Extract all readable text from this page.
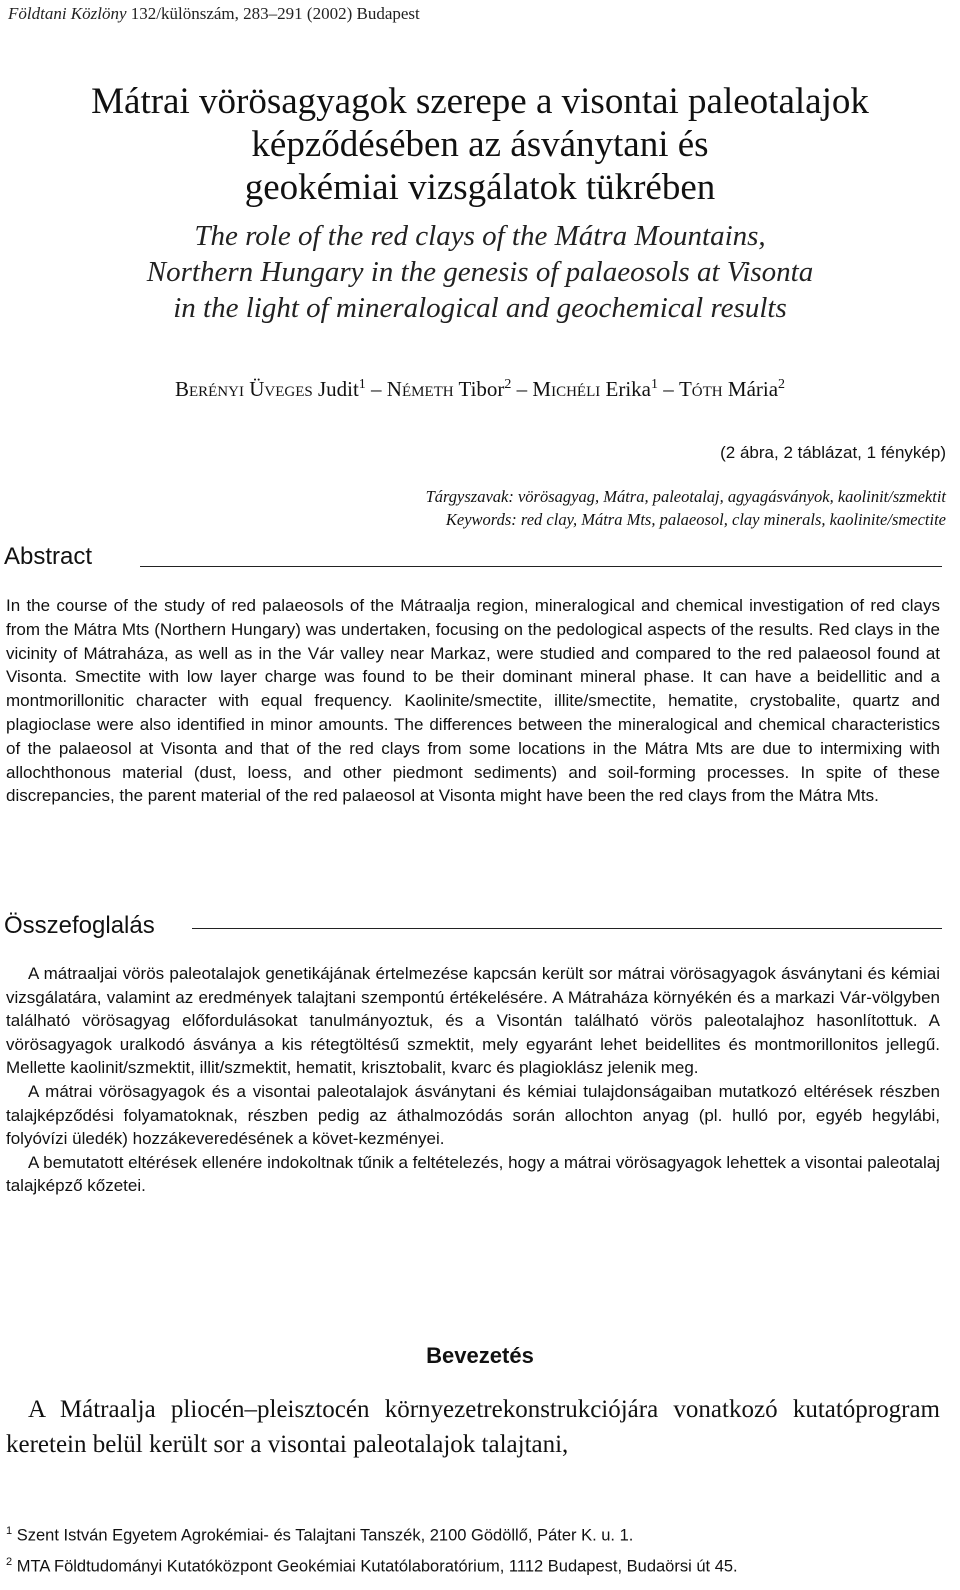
Földtani Közlöny 132/különszám, 283–291 (2002) Budapest
Mátrai vörösagyagok szerepe a visontai paleotalajok
képződésében az ásványtani és
geokémiai vizsgálatok tükrében
The role of the red clays of the Mátra Mountains,
Northern Hungary in the genesis of palaeosols at Visonta
in the light of mineralogical and geochemical results
Berényi Üveges Judit$^1$ – Németh Tibor$^2$ – Michéli Erika$^1$ – Tóth Mária$^2$
(2 ábra, 2 táblázat, 1 fénykép)
Tárgyszavak: vörösagyag, Mátra, paleotalaj, agyagásványok, kaolinit/szmektit
Keywords: red clay, Mátra Mts, palaeosol, clay minerals, kaolinite/smectite
Abstract

In the course of the study of red palaeosols of the Mátraalja region, mineralogical and chemical investigation of red clays from the Mátra Mts (Northern Hungary) was undertaken, focusing on the pedological aspects of the results. Red clays in the vicinity of Mátraháza, as well as in the Vár valley near Markaz, were studied and compared to the red palaeosol found at Visonta. Smectite with low layer charge was found to be their dominant mineral phase. It can have a beidellitic and a montmorillonitic character with equal frequency. Kaolinite/smectite, illite/smectite, hematite, crystobalite, quartz and plagioclase were also identified in minor amounts. The differences between the mineralogical and chemical characteristics of the palaeosol at Visonta and that of the red clays from some locations in the Mátra Mts are due to intermixing with allochthonous material (dust, loess, and other piedmont sediments) and soil-forming processes. In spite of these discrepancies, the parent material of the red palaeosol at Visonta might have been the red clays from the Mátra Mts.

Összefoglalás

A mátraaljai vörös paleotalajok genetikájának értelmezése kapcsán került sor mátrai vörösagyagok ásványtani és kémiai vizsgálatára, valamint az eredmények talajtani szempontú értékelésére. A Mátraháza környékén és a markazi Vár-völgyben található vörösagyag előfordulásokat tanulmányoztuk, és a Visontán található vörös paleotalajhoz hasonlítottuk. A vörösagyagok uralkodó ásványa a kis rétegtöltésű szmektit, mely egyaránt lehet beidellites és montmorillonitos jellegű. Mellette kaolinit/szmektit, illit/szmektit, hematit, krisztobalit, kvarc és plagioklász jelenik meg.

A mátrai vörösagyagok és a visontai paleotalajok ásványtani és kémiai tulajdonságaiban mutatkozó eltérések részben talajképződési folyamatoknak, részben pedig az áthalmozódás során allochton anyag (pl. hulló por, egyéb hegylábi, folyóvízi üledék) hozzákeveredésének a követ-kezményei.

A bemutatott eltérések ellenére indokoltnak tűnik a feltételezés, hogy a mátrai vörösagyagok lehettek a visontai paleotalaj talajképző kőzetei.

Bevezetés

A Mátraalja pliocén–pleisztocén környezetrekonstrukciójára vonatkozó kutatóprogram keretein belül került sor a visontai paleotalajok talajtani,

$^1$ Szent István Egyetem Agrokémiai- és Talajtani Tanszék, 2100 Gödöllő, Páter K. u. 1.
$^2$ MTA Földtudományi Kutatóközpont Geokémiai Kutatólaboratórium, 1112 Budapest, Budaörsi út 45.
